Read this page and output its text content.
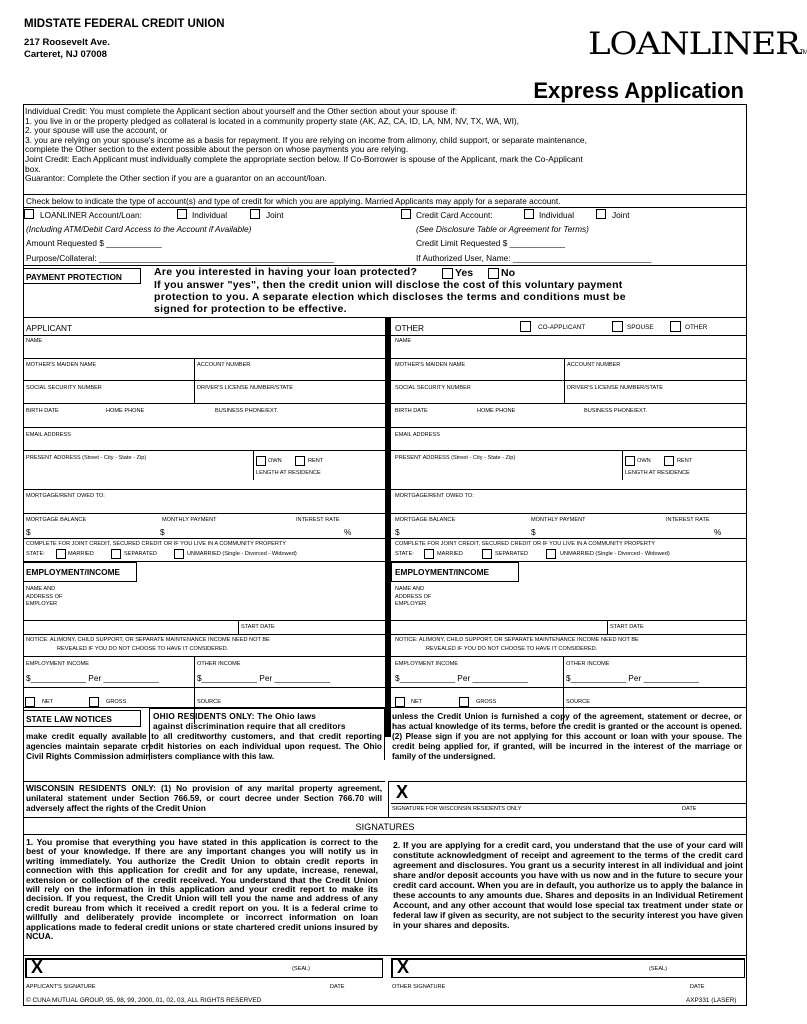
MIDSTATE FEDERAL CREDIT UNION
217 Roosevelt Ave.
Carteret, NJ 07008	LOANLINERTM
Express Application
Individual Credit: You must complete the Applicant section about yourself and the Other section about your spouse if:
1. you live in or the property pledged as collateral is located in a community property state (AK, AZ, CA, ID, LA, NM, NV, TX, WA, WI),
2. your spouse will use the account, or
3. you are relying on your spouse's income as a basis for repayment. If you are relying on income from alimony, child support, or separate maintenance,
complete the Other section to the extent possible about the person on whose payments you are relying.
Joint Credit: Each Applicant must individually complete the appropriate section below. If Co-Borrower is spouse of the Applicant, mark the Co-Applicant
box.
Guarantor: Complete the Other section if you are a guarantor on an account/loan.
Check below to indicate the type of account(s) and type of credit for which you are applying. Married Applicants may apply for a separate account.
LOANLINER Account/Loan:	Individual	Joint
(Including ATM/Debit Card Access to the Account if Available)
Amount Requested $ ____________
Purpose/Collateral: ___________________________________________________
Credit Card Account:	Individual	Joint
(See Disclosure Table or Agreement for Terms)
Credit Limit Requested $ ____________
If Authorized User, Name: ______________________________
PAYMENT PROTECTION	Are you interested in having your loan protected?	Yes	No
If you answer "yes", then the credit union will disclose the cost of this voluntary payment
protection to you. A separate election which discloses the terms and conditions must be
signed for protection to be effective.
APPLICANT	OTHER	CO-APPLICANT	SPOUSE	OTHER
NAME
MOTHER'S MAIDEN NAME	ACCOUNT NUMBER
SOCIAL SECURITY NUMBER	DRIVER'S LICENSE NUMBER/STATE
BIRTH DATE	HOME PHONE	BUSINESS PHONE/EXT.
EMAIL ADDRESS
PRESENT ADDRESS (Street - City - State - Zip)	OWN	RENT
LENGTH AT RESIDENCE
MORTGAGE/RENT OWED TO:
MORTGAGE BALANCE	MONTHLY PAYMENT	INTEREST RATE
$	$	%
COMPLETE FOR JOINT CREDIT, SECURED CREDIT OR IF YOU LIVE IN A COMMUNITY PROPERTY
STATE:	MARRIED	SEPARATED	UNMARRIED (Single - Divorced - Widowed)
EMPLOYMENT/INCOME
NAME AND
ADDRESS OF
EMPLOYER
START DATE
NOTICE: ALIMONY, CHILD SUPPORT, OR SEPARATE MAINTENANCE INCOME NEED NOT BE
REVEALED IF YOU DO NOT CHOOSE TO HAVE IT CONSIDERED.
EMPLOYMENT INCOME	OTHER INCOME
$____________ Per ____________	$____________ Per ____________
NET	GROSS	SOURCE
NAME
MOTHER'S MAIDEN NAME	ACCOUNT NUMBER
SOCIAL SECURITY NUMBER	DRIVER'S LICENSE NUMBER/STATE
BIRTH DATE	HOME PHONE	BUSINESS PHONE/EXT.
EMAIL ADDRESS
PRESENT ADDRESS (Street - City - State - Zip)	OWN	RENT
LENGTH AT RESIDENCE
MORTGAGE/RENT OWED TO:
MORTGAGE BALANCE	MONTHLY PAYMENT	INTEREST RATE
$	$	%
COMPLETE FOR JOINT CREDIT, SECURED CREDIT OR IF YOU LIVE IN A COMMUNITY PROPERTY
STATE:	MARRIED	SEPARATED	UNMARRIED (Single - Divorced - Widowed)
EMPLOYMENT/INCOME
NAME AND
ADDRESS OF
EMPLOYER
START DATE
NOTICE: ALIMONY, CHILD SUPPORT, OR SEPARATE MAINTENANCE INCOME NEED NOT BE
REVEALED IF YOU DO NOT CHOOSE TO HAVE IT CONSIDERED.
EMPLOYMENT INCOME	OTHER INCOME
$____________ Per ____________	$____________ Per ____________
NET	GROSS	SOURCE
STATE LAW NOTICES	OHIO RESIDENTS ONLY: The Ohio laws
against discrimination require that all creditors
make credit equally available to all creditworthy customers, and that credit reporting agencies maintain separate credit histories on each individual upon request. The Ohio Civil Rights Commission administers compliance with this law.
WISCONSIN RESIDENTS ONLY: (1) No provision of any marital property agreement, unilateral statement under Section 766.59, or court decree under Section 766.70 will adversely affect the rights of the Credit Union
unless the Credit Union is furnished a copy of the agreement, statement or decree, or has actual knowledge of its terms, before the credit is granted or the account is opened. (2) Please sign if you are not applying for this account or loan with your spouse. The credit being applied for, if granted, will be incurred in the interest of the marriage or family of the undersigned.
X
SIGNATURE FOR WISCONSIN RESIDENTS ONLY	DATE
SIGNATURES
1. You promise that everything you have stated in this application is correct to the best of your knowledge. If there are any important changes you will notify us in writing immediately. You authorize the Credit Union to obtain credit reports in connection with this application for credit and for any update, increase, renewal, extension or collection of the credit received. You understand that the Credit Union will rely on the information in this application and your credit report to make its decision. If you request, the Credit Union will tell you the name and address of any credit bureau from which it received a credit report on you. It is a federal crime to willfully and deliberately provide incomplete or incorrect information on loan applications made to federal credit unions or state chartered credit unions insured by NCUA.
2. If you are applying for a credit card, you understand that the use of your card will constitute acknowledgment of receipt and agreement to the terms of the credit card agreement and disclosures. You grant us a security interest in all individual and joint share and/or deposit accounts you have with us now and in the future to secure your credit card account. When you are in default, you authorize us to apply the balance in these accounts to any amounts due. Shares and deposits in an Individual Retirement Account, and any other account that would lose special tax treatment under state or federal law if given as security, are not subject to the security interest you have given in your shares and deposits.
X	(SEAL)	X	(SEAL)
APPLICANT'S SIGNATURE	DATE	OTHER SIGNATURE	DATE
© CUNA MUTUAL GROUP, 95, 98, 99, 2000, 01, 02, 03, ALL RIGHTS RESERVED	AXP331 (LASER)
